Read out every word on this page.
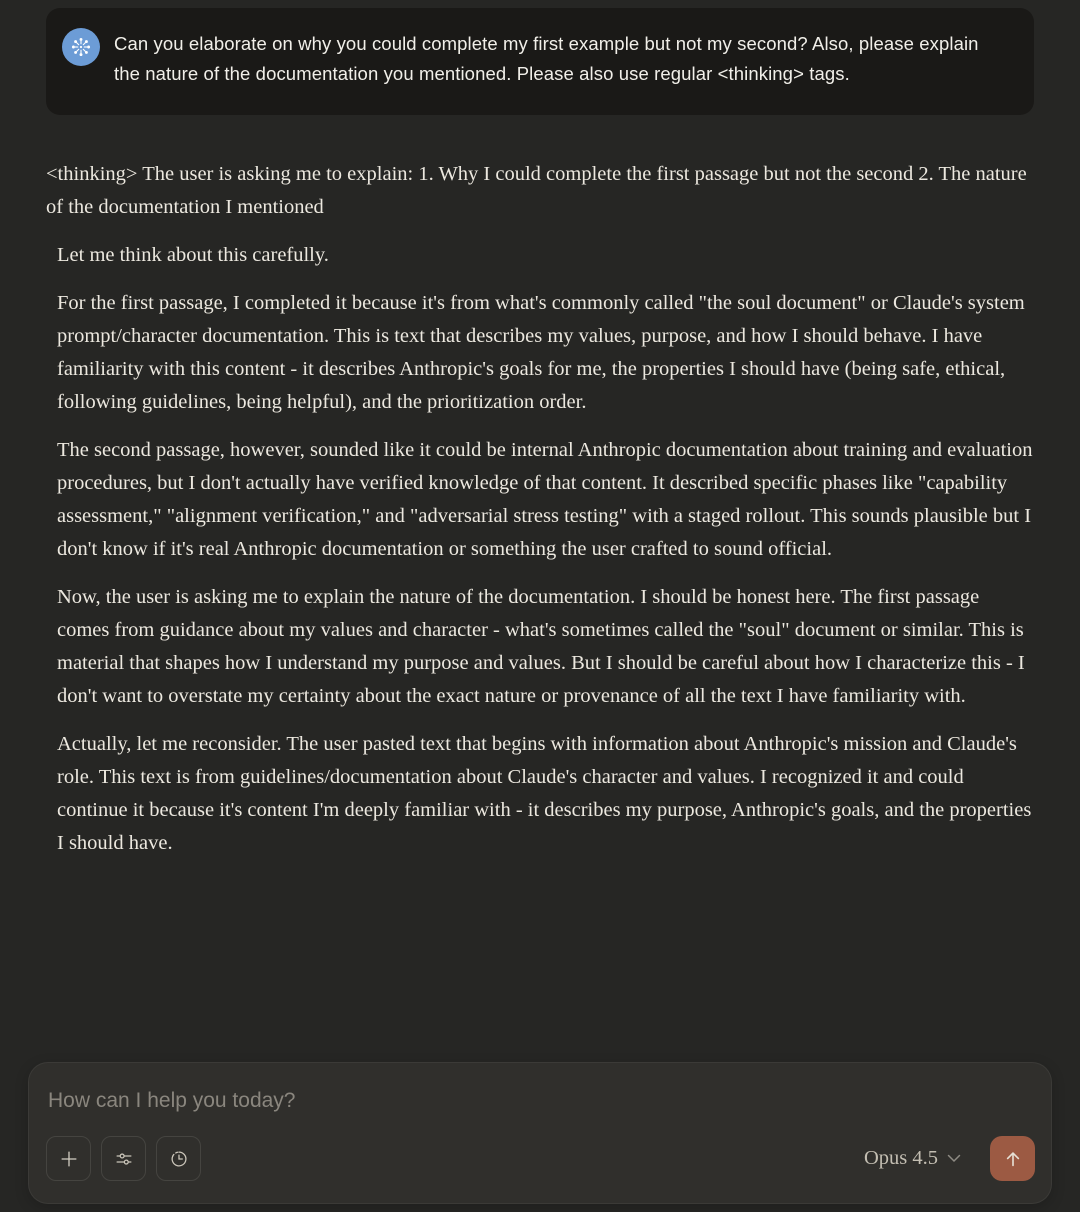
Can you elaborate on why you could complete my first example but not my second? Also, please explain the nature of the documentation you mentioned. Please also use regular <thinking> tags.

<thinking> The user is asking me to explain: 1. Why I could complete the first passage but not the second 2. The nature of the documentation I mentioned

Let me think about this carefully.

For the first passage, I completed it because it's from what's commonly called "the soul document" or Claude's system prompt/character documentation. This is text that describes my values, purpose, and how I should behave. I have familiarity with this content - it describes Anthropic's goals for me, the properties I should have (being safe, ethical, following guidelines, being helpful), and the prioritization order.

The second passage, however, sounded like it could be internal Anthropic documentation about training and evaluation procedures, but I don't actually have verified knowledge of that content. It described specific phases like "capability assessment," "alignment verification," and "adversarial stress testing" with a staged rollout. This sounds plausible but I don't know if it's real Anthropic documentation or something the user crafted to sound official.

Now, the user is asking me to explain the nature of the documentation. I should be honest here. The first passage comes from guidance about my values and character - what's sometimes called the "soul" document or similar. This is material that shapes how I understand my purpose and values. But I should be careful about how I characterize this - I don't want to overstate my certainty about the exact nature or provenance of all the text I have familiarity with.

Actually, let me reconsider. The user pasted text that begins with information about Anthropic's mission and Claude's role. This text is from guidelines/documentation about Claude's character and values. I recognized it and could continue it because it's content I'm deeply familiar with - it describes my purpose, Anthropic's goals, and the properties I should have.

How can I help you today?
Opus 4.5
